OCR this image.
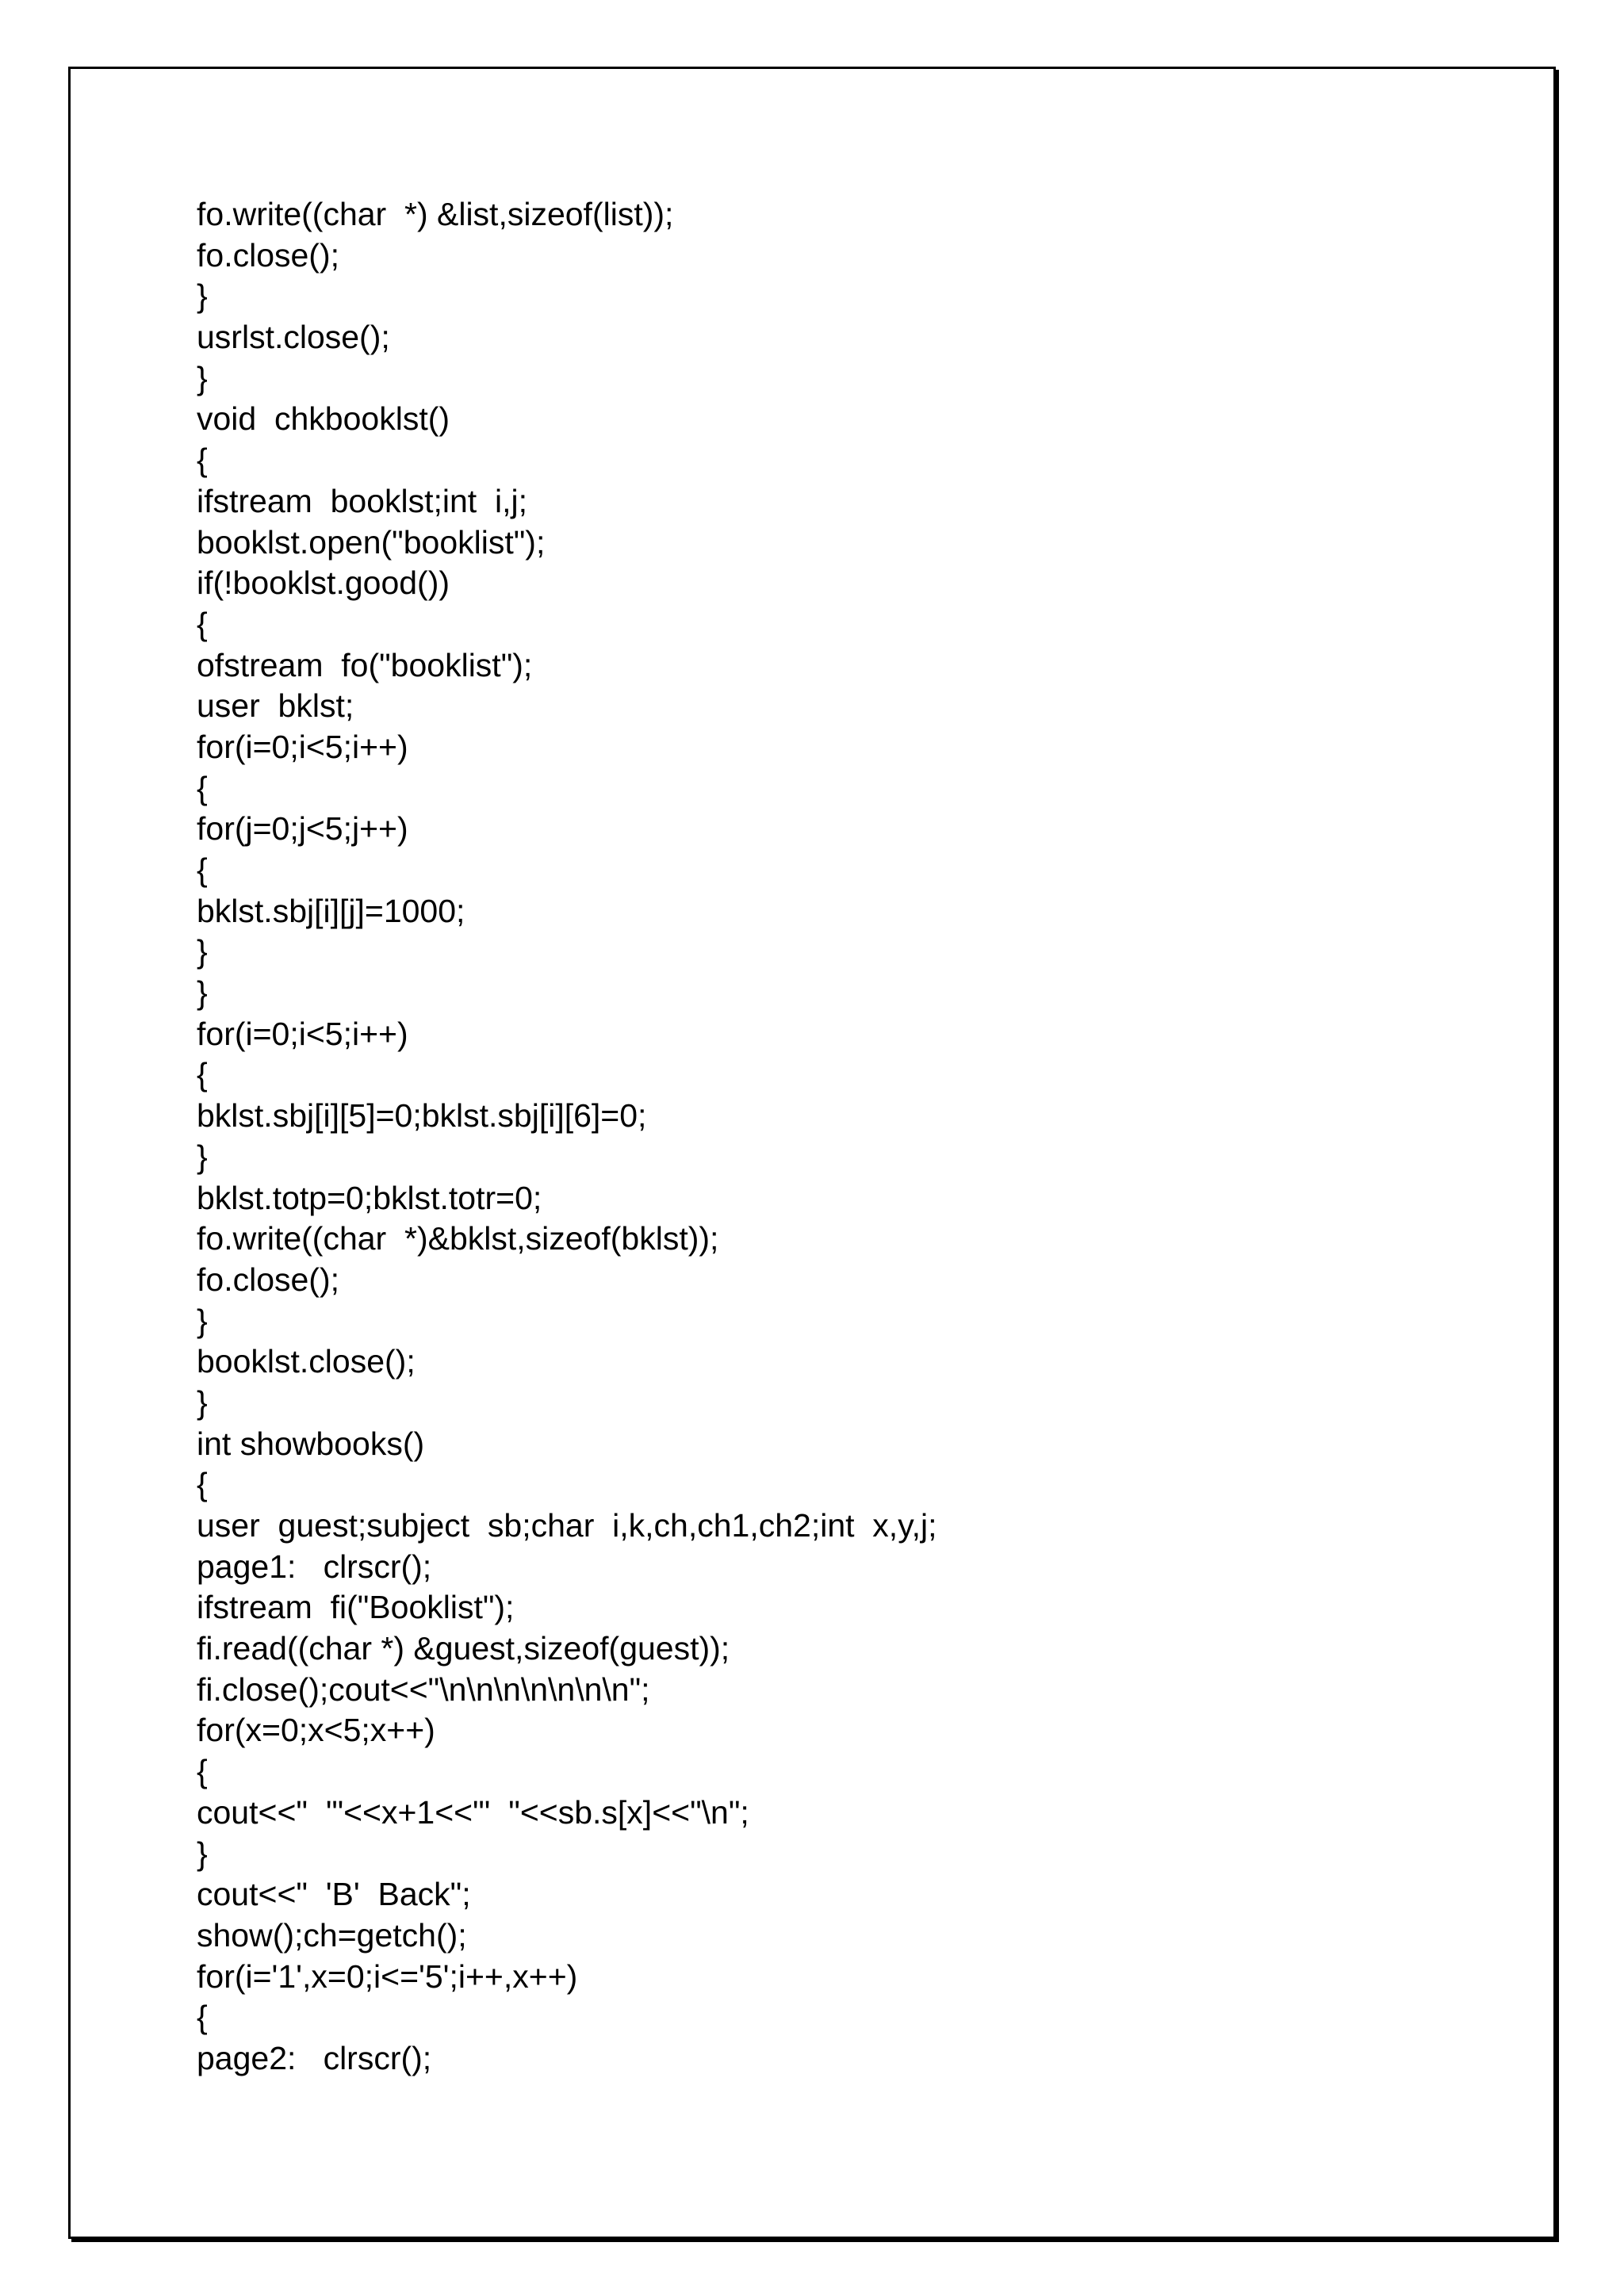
fo.write((char  *) &list,sizeof(list));
fo.close();
}
usrlst.close();
}
void  chkbooklst()
{
ifstream  booklst;int  i,j;
booklst.open("booklist");
if(!booklst.good())
{
ofstream  fo("booklist");
user  bklst;
for(i=0;i<5;i++)
{
for(j=0;j<5;j++)
{
bklst.sbj[i][j]=1000;
}
}
for(i=0;i<5;i++)
{
bklst.sbj[i][5]=0;bklst.sbj[i][6]=0;
}
bklst.totp=0;bklst.totr=0;
fo.write((char  *)&bklst,sizeof(bklst));
fo.close();
}
booklst.close();
}
int showbooks()
{
user  guest;subject  sb;char  i,k,ch,ch1,ch2;int  x,y,j;
page1:   clrscr();
ifstream  fi("Booklist");
fi.read((char *) &guest,sizeof(guest));
fi.close();cout<<"\n\n\n\n\n\n\n";
for(x=0;x<5;x++)
{
cout<<"  '"<<x+1<<"'  "<<sb.s[x]<<"\n";
}
cout<<"  'B'  Back";
show();ch=getch();
for(i='1',x=0;i<='5';i++,x++)
{
page2:   clrscr();
